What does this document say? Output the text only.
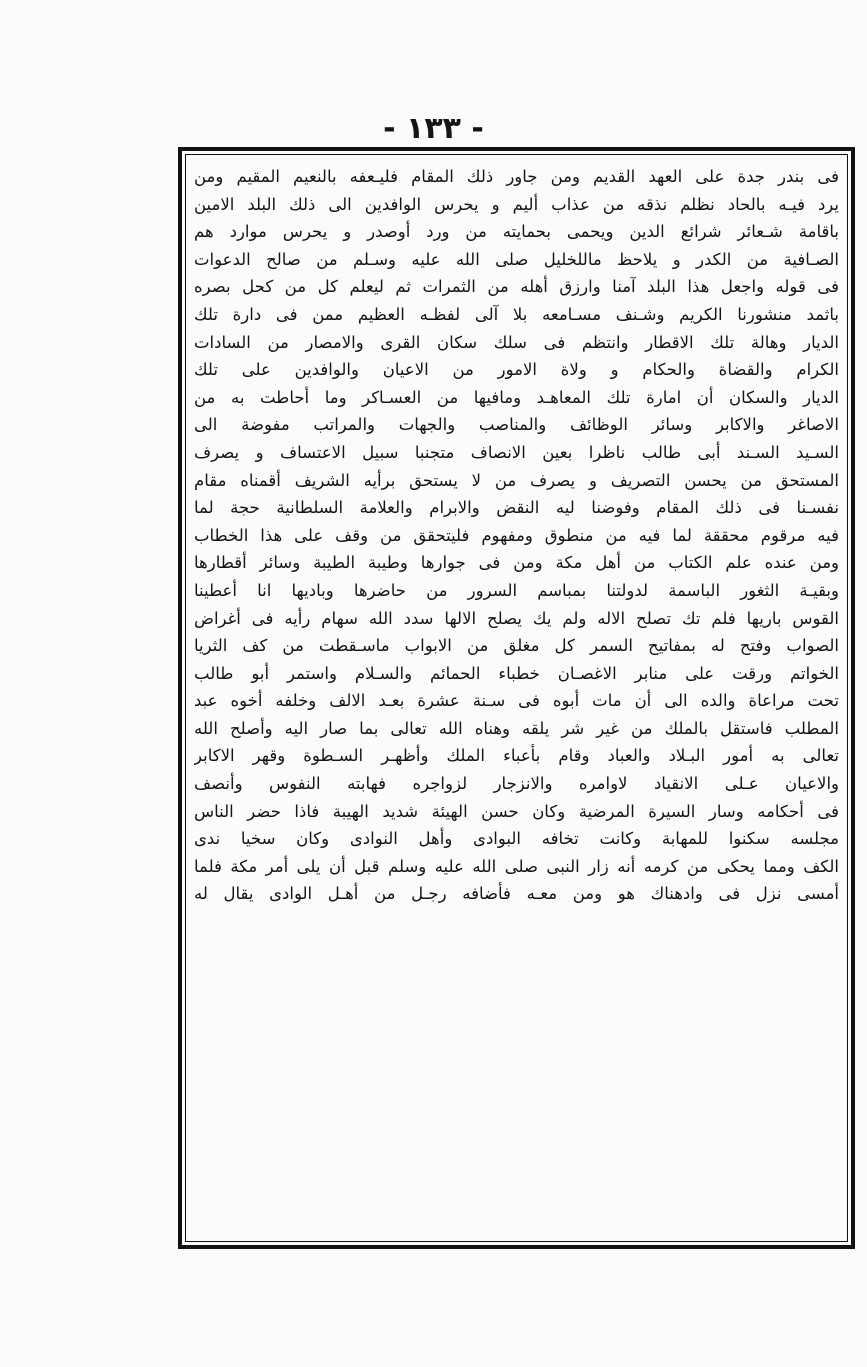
- ١٣٣ -
فى بندر جدة على العهد القديم ومن جاور ذلك المقام فليـعفه بالنعيم المقيم ومن
يرد فيـه بالحاد نظلم نذقه من عذاب أليم و يحرس الوافدين الى ذلك البلد الامين
باقامة شـعائر شرائع الدين ويحمى بحمايته من ورد أوصدر و يحرس موارد هم
الصـافية من الكدر و يلاحظ ماللخليل صلى الله عليه وسـلم من صالح الدعوات
فى قوله واجعل هذا البلد آمنا وارزق أهله من الثمرات ثم ليعلم كل من كحل بصره
باثمد منشورنا الكريم وشـنف مسـامعه بلا آلى لفظـه العظيم ممن فى دارة تلك
الديار وهالة تلك الاقطار وانتظم فى سلك سكان القرى والامصار من السادات
الكرام والقضاة والحكام و ولاة الامور من الاعيان والوافدين على تلك
الديار والسكان أن امارة تلك المعاهـد ومافيها من العسـاكر وما أحاطت به من
الاصاغر والاكابر وسائر الوظائف والمناصب والجهات والمراتب مفوضة الى
السـيد السـند أبى طالب ناظرا بعين الانصاف متجنبا سبيل الاعتساف و يصرف
المستحق من يحسن التصريف و يصرف من لا يستحق برأيه الشريف أقمناه مقام
نفسـنا فى ذلك المقام وفوضنا ليه النقض والابرام والعلامة السلطانية حجة لما
فيه مرقوم محققة لما فيه من منطوق ومفهوم فليتحقق من وقف على هذا الخطاب
ومن عنده علم الكتاب من أهل مكة ومن فى جوارها وطيبة الطيبة وسائر أقطارها
وبقيـة الثغور الباسمة لدولتنا بمباسم السرور من حاضرها وباديها انا أعطينا
القوس باريها فلم تك تصلح الاله ولم يك يصلح الالها سدد الله سهام رأيه فى أغراض
الصواب وفتح له بمفاتيح السمر كل مغلق من الابواب ماسـقطت من كف الثريا
الخواتم ورقت على منابر الاغصـان خطباء الحمائم والسـلام واستمر أبو طالب
تحت مراعاة والده الى أن مات أبوه فى سـنة عشرة بعـد الالف وخلفه أخوه عبد
المطلب فاستقل بالملك من غير شر يلقه وهناه الله تعالى بما صار اليه وأصلح الله
تعالى به أمور البـلاد والعباد وقام بأعباء الملك وأظهـر السـطوة وقهر الاكابر
والاعيان عـلى الانقياد لاوامره والانزجار لزواجره فهابته النفوس وأنصف
فى أحكامه وسار السيرة المرضية وكان حسن الهيئة شديد الهيبة فاذا حضر الناس
مجلسه سكنوا للمهابة وكانت تخافه البوادى وأهل النوادى وكان سخيا ندى
الكف ومما يحكى من كرمه أنه زار النبى صلى الله عليه وسلم قبل أن يلى أمر مكة فلما
أمسى نزل فى وادهناك هو ومن معـه فأضافه رجـل من أهـل الوادى يقال له
